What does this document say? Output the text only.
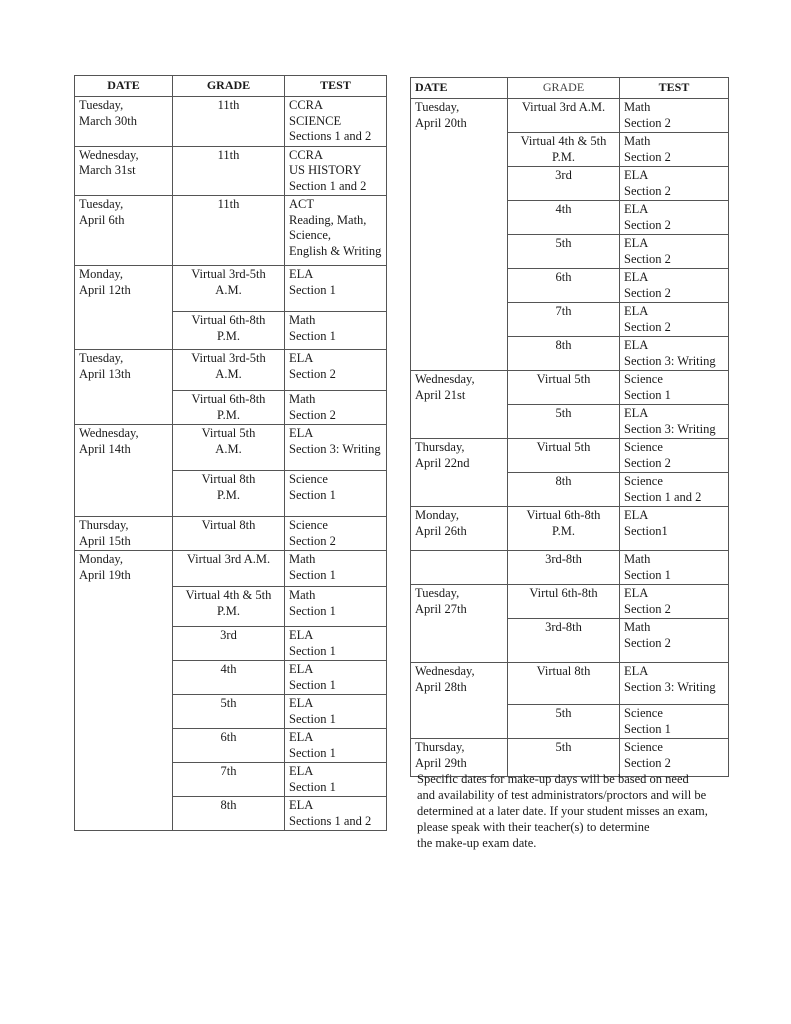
DATE	GRADE	TEST
Tuesday,
March 30th	11th	CCRA
SCIENCE
Sections 1 and 2
Wednesday,
March 31st	11th	CCRA
US HISTORY
Section 1 and 2
Tuesday,
April 6th	11th	ACT
Reading, Math,
Science,
English & Writing
Monday,
April 12th	Virtual 3rd-5th
A.M.	ELA
Section 1
	Virtual 6th-8th
P.M.	Math
Section 1
Tuesday,
April 13th	Virtual 3rd-5th
A.M.	ELA
Section 2
	Virtual 6th-8th
P.M.	Math
Section 2
Wednesday,
April 14th	Virtual 5th
A.M.	ELA
Section 3: Writing
	Virtual 8th
P.M.	Science
Section 1
Thursday,
April 15th	Virtual 8th	Science
Section 2
Monday,
April 19th	Virtual 3rd A.M.	Math
Section 1
	Virtual 4th & 5th
P.M.	Math
Section 1
	3rd	ELA
Section 1
	4th	ELA
Section 1
	5th	ELA
Section 1
	6th	ELA
Section 1
	7th	ELA
Section 1
	8th	ELA
Sections 1 and 2
DATE	GRADE	TEST
Tuesday,
April 20th	Virtual 3rd A.M.	Math
Section 2
	Virtual 4th & 5th
P.M.	Math
Section 2
	3rd	ELA
Section 2
	4th	ELA
Section 2
	5th	ELA
Section 2
	6th	ELA
Section 2
	7th	ELA
Section 2
	8th	ELA
Section 3: Writing
Wednesday,
April 21st	Virtual 5th	Science
Section 1
	5th	ELA
Section 3: Writing
Thursday,
April 22nd	Virtual 5th	Science
Section 2
	8th	Science
Section 1 and 2
Monday,
April 26th	Virtual 6th-8th
P.M.	ELA
Section1
	3rd-8th	Math
Section 1
Tuesday,
April 27th	Virtul 6th-8th	ELA
Section 2
	3rd-8th	Math
Section 2
Wednesday,
April 28th	Virtual 8th	ELA
Section 3: Writing
	5th	Science
Section 1
Thursday,
April 29th	5th	Science
Section 2
Specific dates for make-up days will be based on need
and availability of test administrators/proctors and will be
determined at a later date. If your student misses an exam,
please speak with their teacher(s) to determine
the make-up exam date.
